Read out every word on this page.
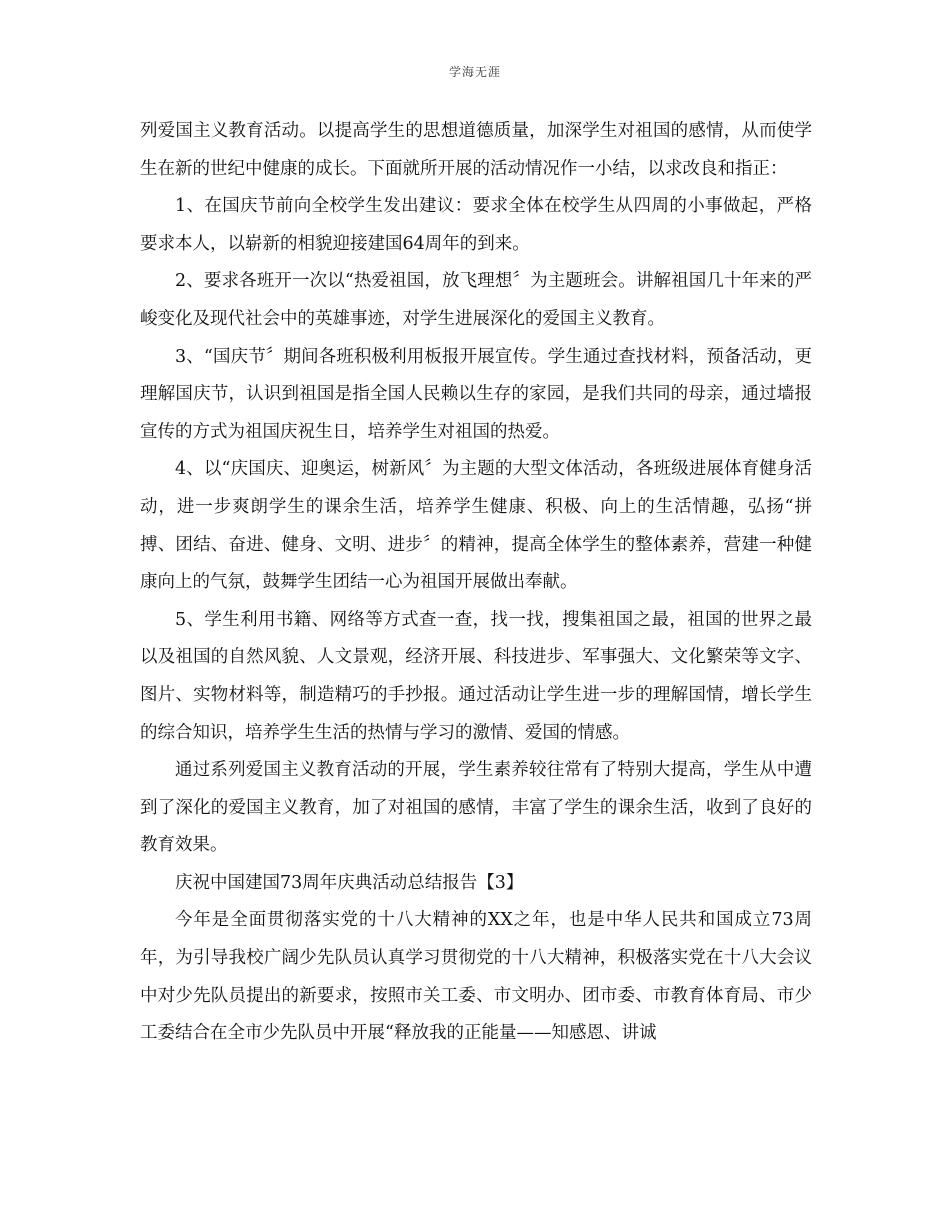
学海无涯

列爱国主义教育活动。以提高学生的思想道德质量，加深学生对祖国的感情，从而使学生在新的世纪中健康的成长。下面就所开展的活动情况作一小结，以求改良和指正：

1、在国庆节前向全校学生发出建议：要求全体在校学生从四周的小事做起，严格要求本人，以崭新的相貌迎接建国64周年的到来。

2、要求各班开一次以“热爱祖国，放飞理想〞为主题班会。讲解祖国几十年来的严峻变化及现代社会中的英雄事迹，对学生进展深化的爱国主义教育。

3、“国庆节〞期间各班积极利用板报开展宣传。学生通过查找材料，预备活动，更理解国庆节，认识到祖国是指全国人民赖以生存的家园，是我们共同的母亲，通过墙报宣传的方式为祖国庆祝生日，培养学生对祖国的热爱。

4、以“庆国庆、迎奥运，树新风〞为主题的大型文体活动，各班级进展体育健身活动，进一步爽朗学生的课余生活，培养学生健康、积极、向上的生活情趣，弘扬“拼搏、团结、奋进、健身、文明、进步〞的精神，提高全体学生的整体素养，营建一种健康向上的气氛，鼓舞学生团结一心为祖国开展做出奉献。

5、学生利用书籍、网络等方式查一查，找一找，搜集祖国之最，祖国的世界之最以及祖国的自然风貌、人文景观，经济开展、科技进步、军事强大、文化繁荣等文字、图片、实物材料等，制造精巧的手抄报。通过活动让学生进一步的理解国情，增长学生的综合知识，培养学生生活的热情与学习的激情、爱国的情感。

通过系列爱国主义教育活动的开展，学生素养较往常有了特别大提高，学生从中遭到了深化的爱国主义教育，加了对祖国的感情，丰富了学生的课余生活，收到了良好的教育效果。

庆祝中国建国73周年庆典活动总结报告【3】

今年是全面贯彻落实党的十八大精神的XX之年，也是中华人民共和国成立73周年，为引导我校广阔少先队员认真学习贯彻党的十八大精神，积极落实党在十八大会议中对少先队员提出的新要求，按照市关工委、市文明办、团市委、市教育体育局、市少工委结合在全市少先队员中开展“释放我的正能量——知感恩、讲诚
